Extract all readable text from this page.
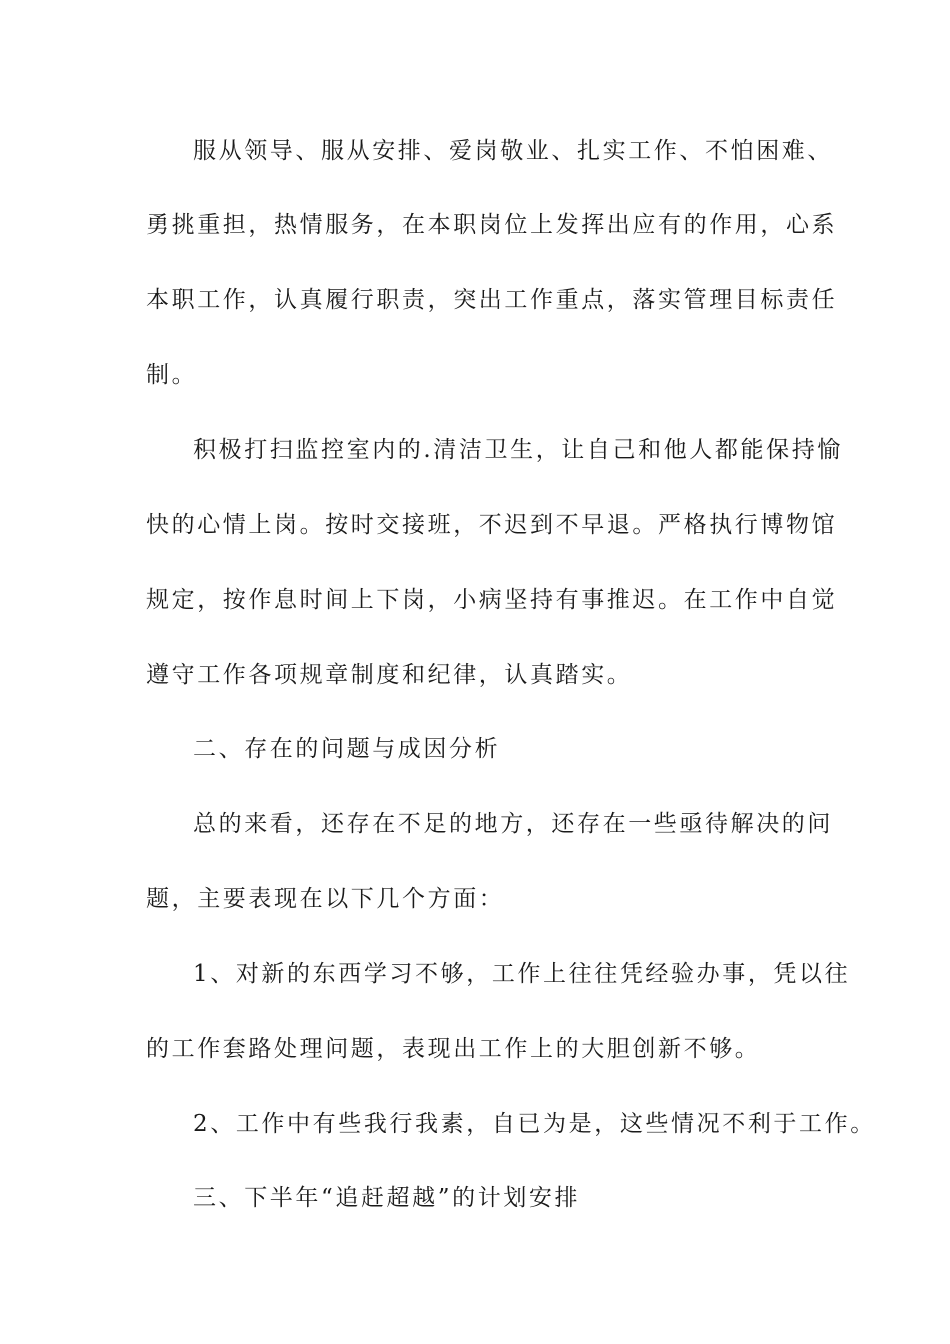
服从领导、服从安排、爱岗敬业、扎实工作、不怕困难、
勇挑重担，热情服务，在本职岗位上发挥出应有的作用，心系
本职工作，认真履行职责，突出工作重点，落实管理目标责任
制。
积极打扫监控室内的.清洁卫生，让自己和他人都能保持愉
快的心情上岗。按时交接班，不迟到不早退。严格执行博物馆
规定，按作息时间上下岗，小病坚持有事推迟。在工作中自觉
遵守工作各项规章制度和纪律，认真踏实。
二、存在的问题与成因分析
总的来看，还存在不足的地方，还存在一些亟待解决的问
题，主要表现在以下几个方面：
1、对新的东西学习不够，工作上往往凭经验办事，凭以往
的工作套路处理问题，表现出工作上的大胆创新不够。
2、工作中有些我行我素，自已为是，这些情况不利于工作。
三、下半年“追赶超越”的计划安排
